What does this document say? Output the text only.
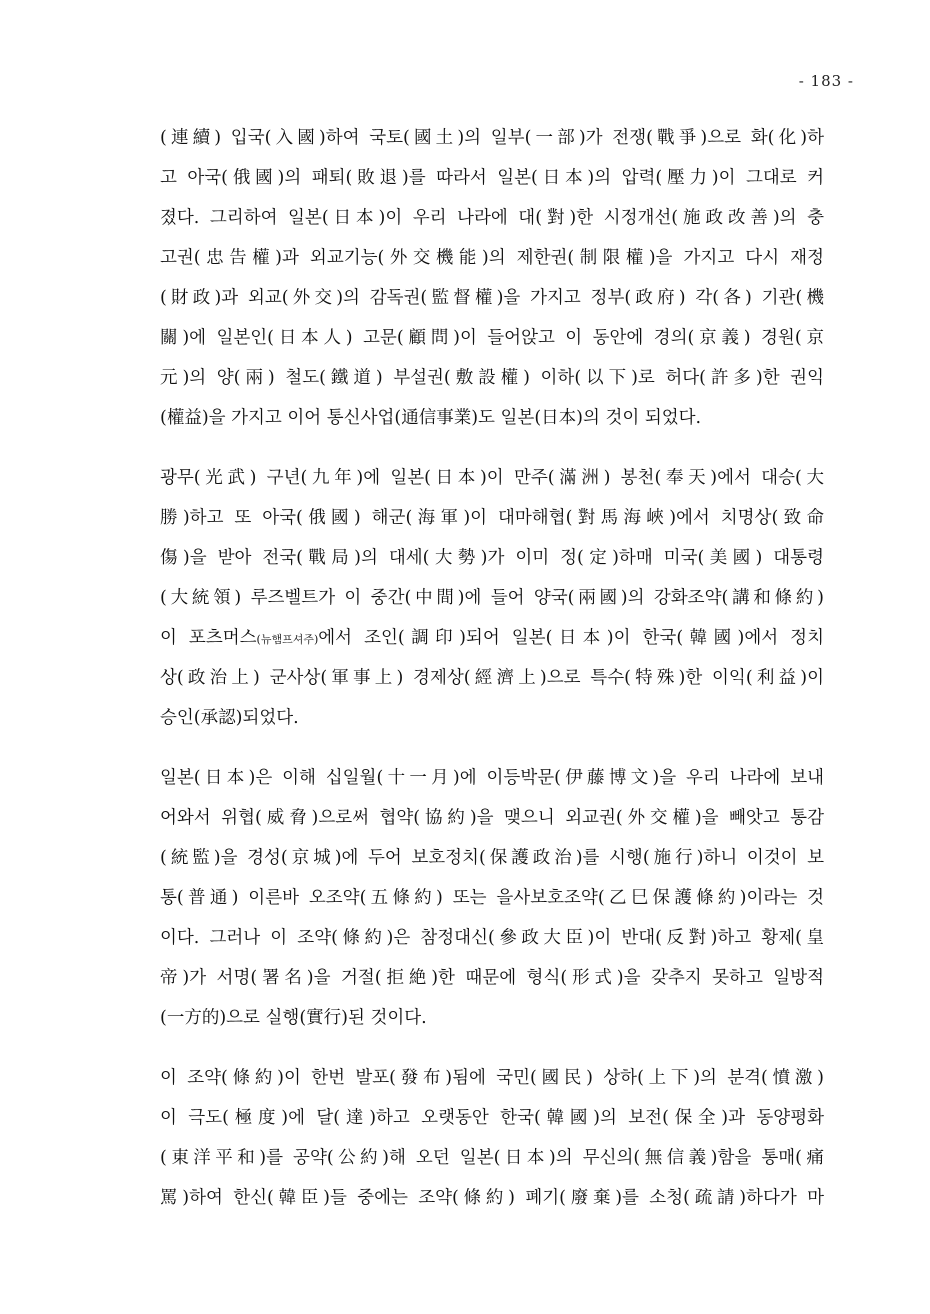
- 183 -

(連續) 입국(入國)하여 국토(國土)의 일부(一部)가 전쟁(戰爭)으로 화(化)하
고 아국(俄國)의 패퇴(敗退)를 따라서 일본(日本)의 압력(壓力)이 그대로 커
졌다. 그리하여 일본(日本)이 우리 나라에 대(對)한 시정개선(施政改善)의 충
고권(忠告權)과 외교기능(外交機能)의 제한권(制限權)을 가지고 다시 재정
(財政)과 외교(外交)의 감독권(監督權)을 가지고 정부(政府) 각(各) 기관(機
關)에 일본인(日本人) 고문(顧問)이 들어앉고 이 동안에 경의(京義) 경원(京
元)의 양(兩) 철도(鐵道) 부설권(敷設權) 이하(以下)로 허다(許多)한 권익
(權益)을 가지고 이어 통신사업(通信事業)도 일본(日本)의 것이 되었다.

광무(光武) 구년(九年)에 일본(日本)이 만주(滿洲) 봉천(奉天)에서 대승(大
勝)하고 또 아국(俄國) 해군(海軍)이 대마해협(對馬海峽)에서 치명상(致命
傷)을 받아 전국(戰局)의 대세(大勢)가 이미 정(定)하매 미국(美國) 대통령
(大統領) 루즈벨트가 이 중간(中間)에 들어 양국(兩國)의 강화조약(講和條約)
이 포츠머스(뉴햄프셔주)에서 조인(調印)되어 일본(日本)이 한국(韓國)에서 정치
상(政治上) 군사상(軍事上) 경제상(經濟上)으로 특수(特殊)한 이익(利益)이
승인(承認)되었다.

일본(日本)은 이해 십일월(十一月)에 이등박문(伊藤博文)을 우리 나라에 보내
어와서 위협(威脅)으로써 협약(協約)을 맺으니 외교권(外交權)을 빼앗고 통감
(統監)을 경성(京城)에 두어 보호정치(保護政治)를 시행(施行)하니 이것이 보
통(普通) 이른바 오조약(五條約) 또는 을사보호조약(乙巳保護條約)이라는 것
이다. 그러나 이 조약(條約)은 참정대신(參政大臣)이 반대(反對)하고 황제(皇
帝)가 서명(署名)을 거절(拒絶)한 때문에 형식(形式)을 갖추지 못하고 일방적
(一方的)으로 실행(實行)된 것이다.

이 조약(條約)이 한번 발포(發布)됨에 국민(國民) 상하(上下)의 분격(憤激)
이 극도(極度)에 달(達)하고 오랫동안 한국(韓國)의 보전(保全)과 동양평화
(東洋平和)를 공약(公約)해 오던 일본(日本)의 무신의(無信義)함을 통매(痛
罵)하여 한신(韓臣)들 중에는 조약(條約) 폐기(廢棄)를 소청(疏請)하다가 마
